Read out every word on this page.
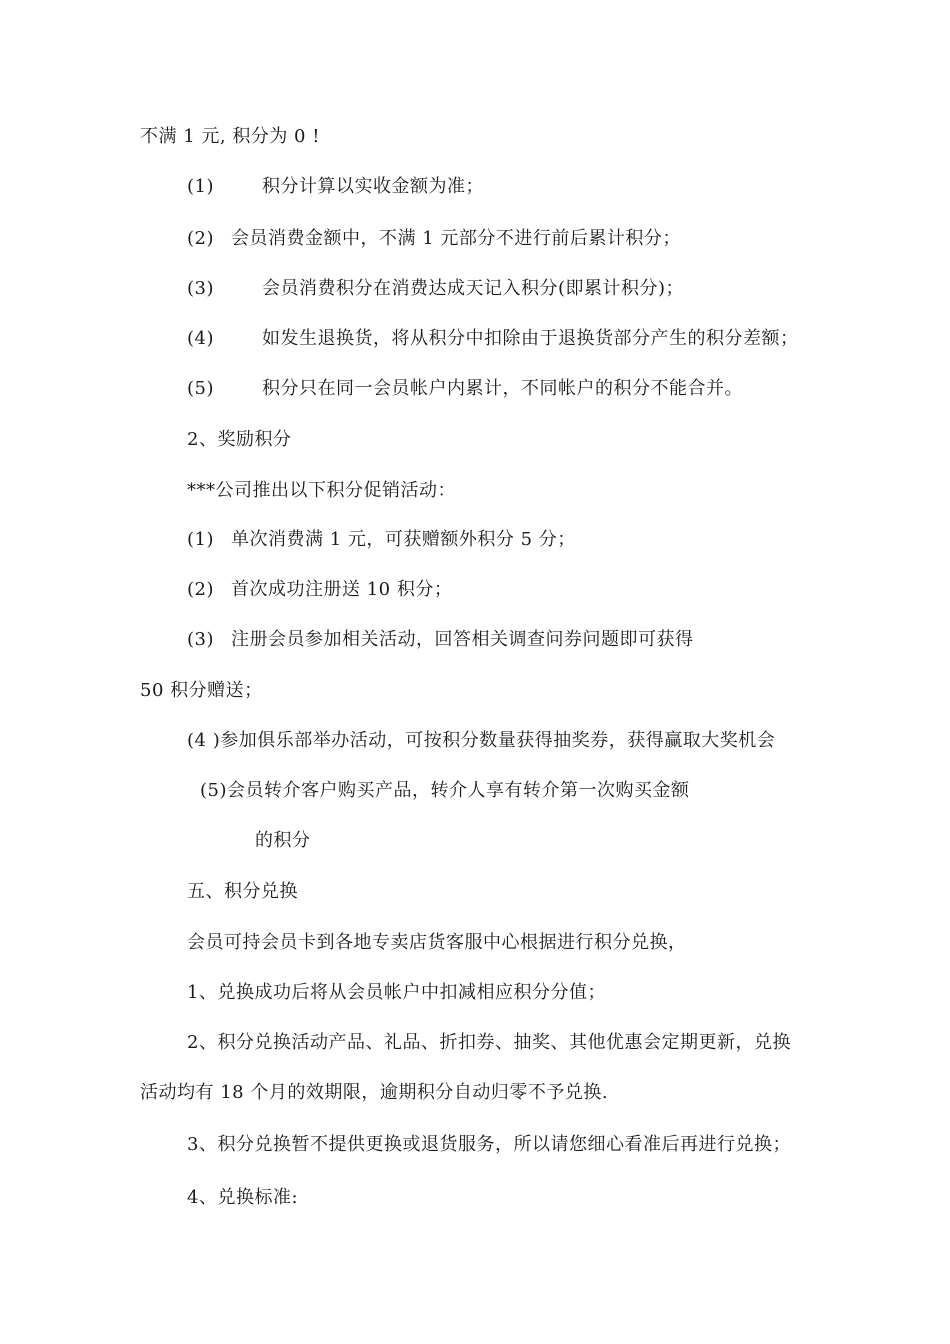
不满 1 元, 积分为 0 !
(1)	积分计算以实收金额为准；
(2) 会员消费金额中，不满 1 元部分不进行前后累计积分；
(3)	会员消费积分在消费达成天记入积分(即累计积分)；
(4)	如发生退换货，将从积分中扣除由于退换货部分产生的积分差额；
(5)	积分只在同一会员帐户内累计，不同帐户的积分不能合并。
2、奖励积分
***公司推出以下积分促销活动：
(1) 单次消费满 1 元，可获赠额外积分 5 分；
(2) 首次成功注册送 10 积分；
(3) 注册会员参加相关活动，回答相关调查问券问题即可获得
50 积分赠送；
(4 )参加俱乐部举办活动，可按积分数量获得抽奖券，获得赢取大奖机会
(5)会员转介客户购买产品，转介人享有转介第一次购买金额
的积分
五、积分兑换
会员可持会员卡到各地专卖店货客服中心根据进行积分兑换，
1、兑换成功后将从会员帐户中扣减相应积分分值；
2、积分兑换活动产品、礼品、折扣券、抽奖、其他优惠会定期更新，兑换
活动均有 18 个月的效期限，逾期积分自动归零不予兑换.
3、积分兑换暂不提供更换或退货服务，所以请您细心看准后再进行兑换；
4、兑换标准:
